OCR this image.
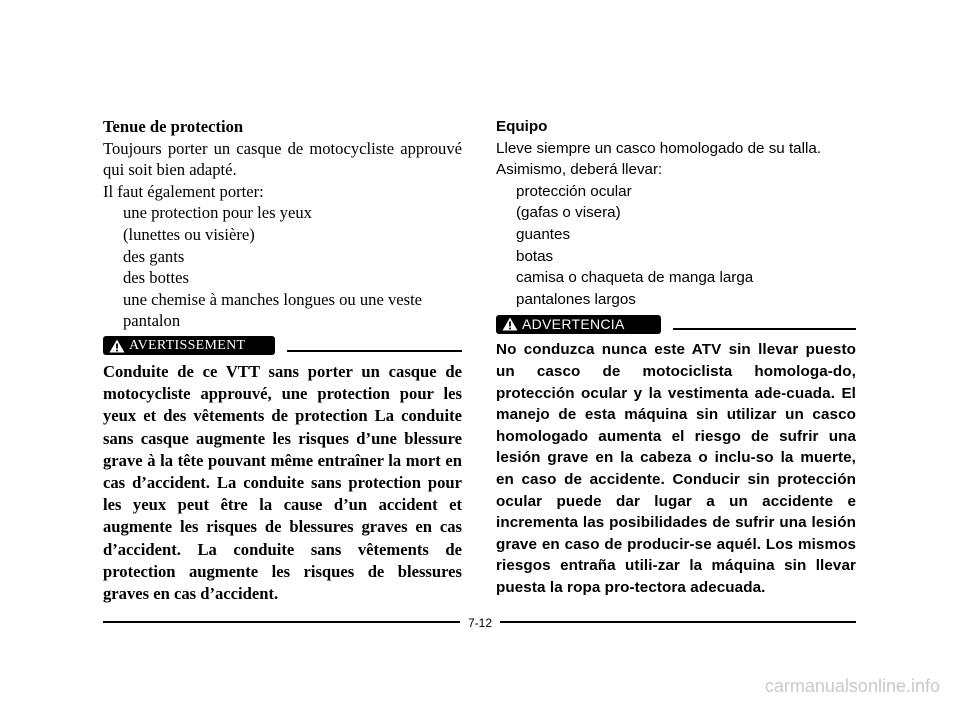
Tenue de protection

Toujours porter un casque de motocycliste approuvé qui soit bien adapté.

Il faut également porter:

une protection pour les yeux

(lunettes ou visière)

des gants

des bottes

une chemise à manches longues ou une veste

pantalon

AVERTISSEMENT

Conduite de ce VTT sans porter un casque de motocycliste approuvé, une protection pour les yeux et des vêtements de protection La conduite sans casque augmente les risques d’une blessure grave à la tête pouvant même entraîner la mort en cas d’accident. La conduite sans protection pour les yeux peut être la cause d’un accident et augmente les risques de blessures graves en cas d’accident. La conduite sans vêtements de protection augmente les risques de blessures graves en cas d’accident.

Equipo

Lleve siempre un casco homologado de su talla.

Asimismo, deberá llevar:

protección ocular

(gafas o visera)

guantes

botas

camisa o chaqueta de manga larga

pantalones largos

ADVERTENCIA

No conduzca nunca este ATV sin llevar puesto un casco de motociclista homologa-do, protección ocular y la vestimenta ade-cuada. El manejo de esta máquina sin utilizar un casco homologado aumenta el riesgo de sufrir una lesión grave en la cabeza o inclu-so la muerte, en caso de accidente. Conducir sin protección ocular puede dar lugar a un accidente e incrementa las posibilidades de sufrir una lesión grave en caso de producir-se aquél. Los mismos riesgos entraña utili-zar la máquina sin llevar puesta la ropa pro-tectora adecuada.

7-12
carmanualsonline.info
